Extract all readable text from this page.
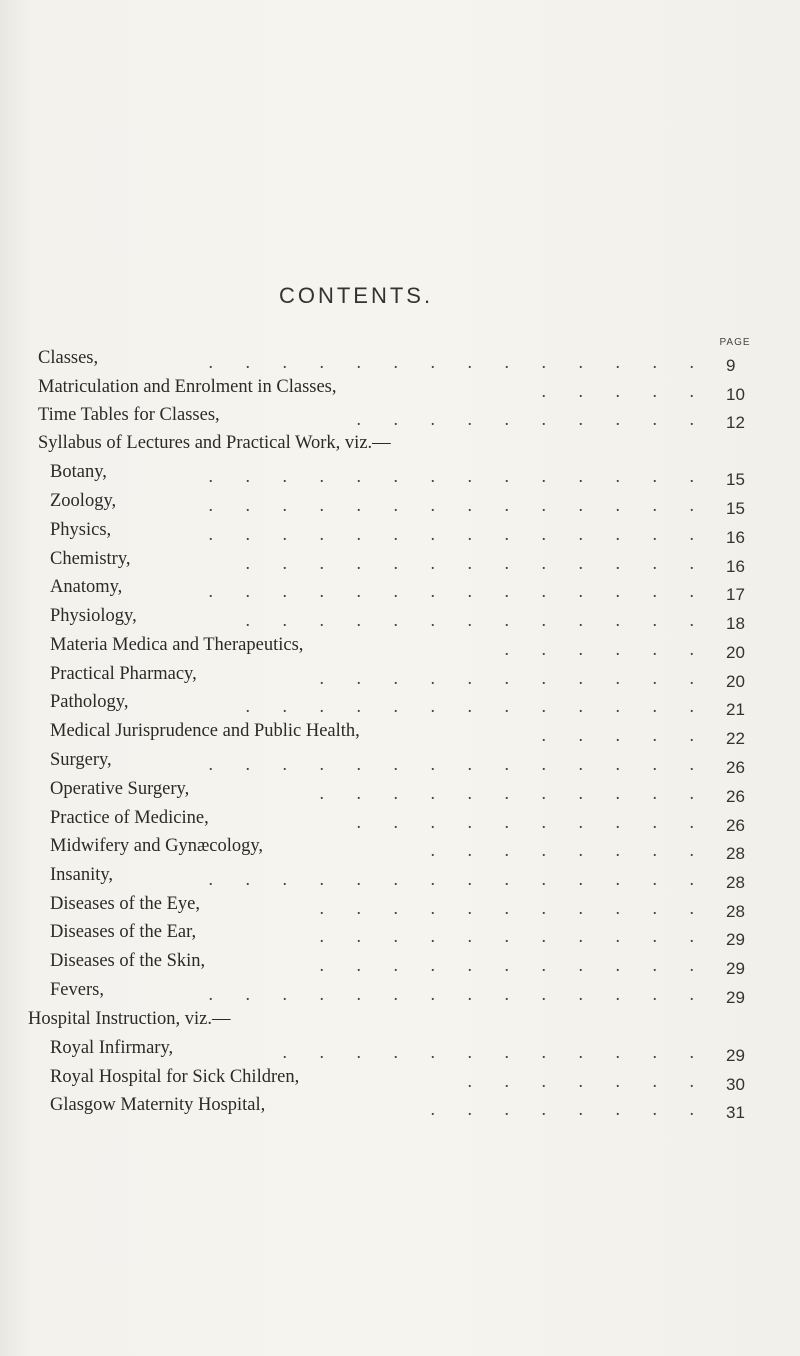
CONTENTS.
PAGE
Classes,	. . . . . . . . . . . . . . 9
Matriculation and Enrolment in Classes,	. . . . . 10
Time Tables for Classes,	. . . . . . . . . . 12
Syllabus of Lectures and Practical Work, viz.—
Botany,	. . . . . . . . . . . . . . 15
Zoology,	. . . . . . . . . . . . . . 15
Physics,	. . . . . . . . . . . . . . 16
Chemistry,	. . . . . . . . . . . . . 16
Anatomy,	. . . . . . . . . . . . . . 17
Physiology,	. . . . . . . . . . . . . 18
Materia Medica and Therapeutics,	. . . . . . 20
Practical Pharmacy,	. . . . . . . . . . . 20
Pathology,	. . . . . . . . . . . . . 21
Medical Jurisprudence and Public Health,	. . . . . 22
Surgery,	. . . . . . . . . . . . . . 26
Operative Surgery,	. . . . . . . . . . . 26
Practice of Medicine,	. . . . . . . . . . 26
Midwifery and Gynæcology,	. . . . . . . . 28
Insanity,	. . . . . . . . . . . . . . 28
Diseases of the Eye,	. . . . . . . . . . . 28
Diseases of the Ear,	. . . . . . . . . . . 29
Diseases of the Skin,	. . . . . . . . . . . 29
Fevers,	. . . . . . . . . . . . . . 29
Hospital Instruction, viz.—
Royal Infirmary,	. . . . . . . . . . . . 29
Royal Hospital for Sick Children,	. . . . . . . 30
Glasgow Maternity Hospital,	. . . . . . . . 31
